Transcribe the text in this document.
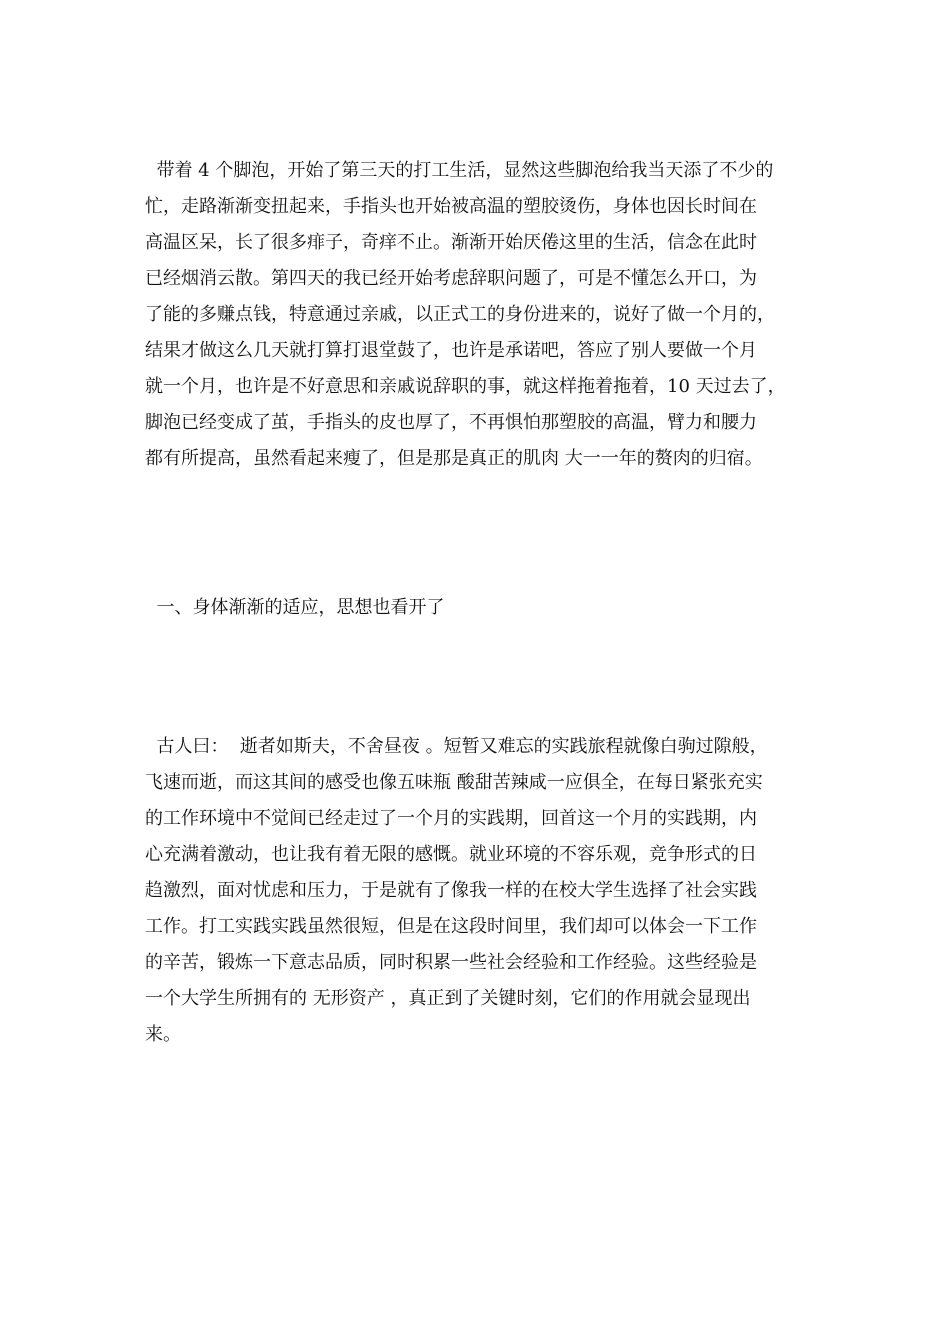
带着 4 个脚泡，开始了第三天的打工生活，显然这些脚泡给我当天添了不少的
忙，走路渐渐变扭起来，手指头也开始被高温的塑胶烫伤，身体也因长时间在
高温区呆，长了很多痱子，奇痒不止。渐渐开始厌倦这里的生活，信念在此时
已经烟消云散。第四天的我已经开始考虑辞职问题了，可是不懂怎么开口，为
了能的多赚点钱，特意通过亲戚，以正式工的身份进来的，说好了做一个月的，
结果才做这么几天就打算打退堂鼓了，也许是承诺吧，答应了别人要做一个月
就一个月，也许是不好意思和亲戚说辞职的事，就这样拖着拖着，10 天过去了，
脚泡已经变成了茧，手指头的皮也厚了，不再惧怕那塑胶的高温，臂力和腰力
都有所提高，虽然看起来瘦了，但是那是真正的肌肉 大一一年的赘肉的归宿。
一、身体渐渐的适应，思想也看开了
古人曰：  逝者如斯夫，不舍昼夜 。短暂又难忘的实践旅程就像白驹过隙般，
飞速而逝，而这其间的感受也像五味瓶 酸甜苦辣咸一应俱全，在每日紧张充实
的工作环境中不觉间已经走过了一个月的实践期，回首这一个月的实践期，内
心充满着激动，也让我有着无限的感慨。就业环境的不容乐观，竞争形式的日
趋激烈，面对忧虑和压力，于是就有了像我一样的在校大学生选择了社会实践
工作。打工实践实践虽然很短，但是在这段时间里，我们却可以体会一下工作
的辛苦，锻炼一下意志品质，同时积累一些社会经验和工作经验。这些经验是
一个大学生所拥有的 无形资产 ，真正到了关键时刻，它们的作用就会显现出
来。
